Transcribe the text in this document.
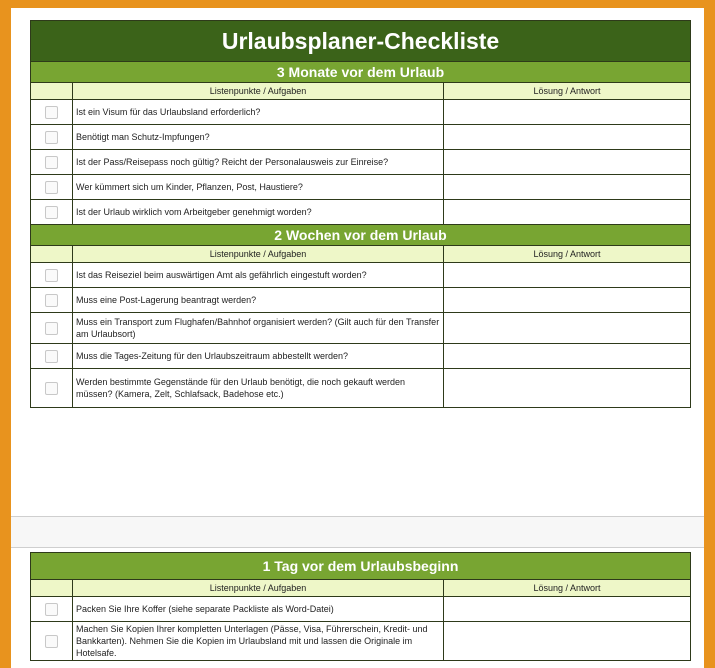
Urlaubsplaner-Checkliste		
3 Monate vor dem Urlaub		
	Listenpunkte / Aufgaben	Lösung / Antwort

	Ist ein Visum für das Urlaubsland erforderlich?	

	Benötigt man Schutz-Impfungen?	

	Ist der Pass/Reisepass noch gültig? Reicht der Personalausweis zur Einreise?	

	Wer kümmert sich um Kinder, Pflanzen, Post, Haustiere?	

	Ist der Urlaub wirklich vom Arbeitgeber genehmigt worden?	
2 Wochen vor dem Urlaub		
	Listenpunkte / Aufgaben	Lösung / Antwort

	Ist das Reiseziel beim auswärtigen Amt als gefährlich eingestuft worden?	

	Muss eine Post-Lagerung beantragt werden?	

	Muss ein Transport zum Flughafen/Bahnhof organisiert werden? (Gilt auch für den Transfer am Urlaubsort)	

	Muss die Tages-Zeitung für den Urlaubszeitraum abbestellt werden?	

	Werden bestimmte Gegenstände für den Urlaub benötigt, die noch gekauft werden müssen? (Kamera, Zelt, Schlafsack, Badehose etc.)	
1 Tag vor dem Urlaubsbeginn		
	Listenpunkte / Aufgaben	Lösung / Antwort

	Packen Sie Ihre Koffer (siehe separate Packliste als Word-Datei)	

	Machen Sie Kopien Ihrer kompletten Unterlagen (Pässe, Visa, Führerschein, Kredit- und Bankkarten). Nehmen Sie die Kopien im Urlaubsland mit und lassen die Originale im Hotelsafe.	
